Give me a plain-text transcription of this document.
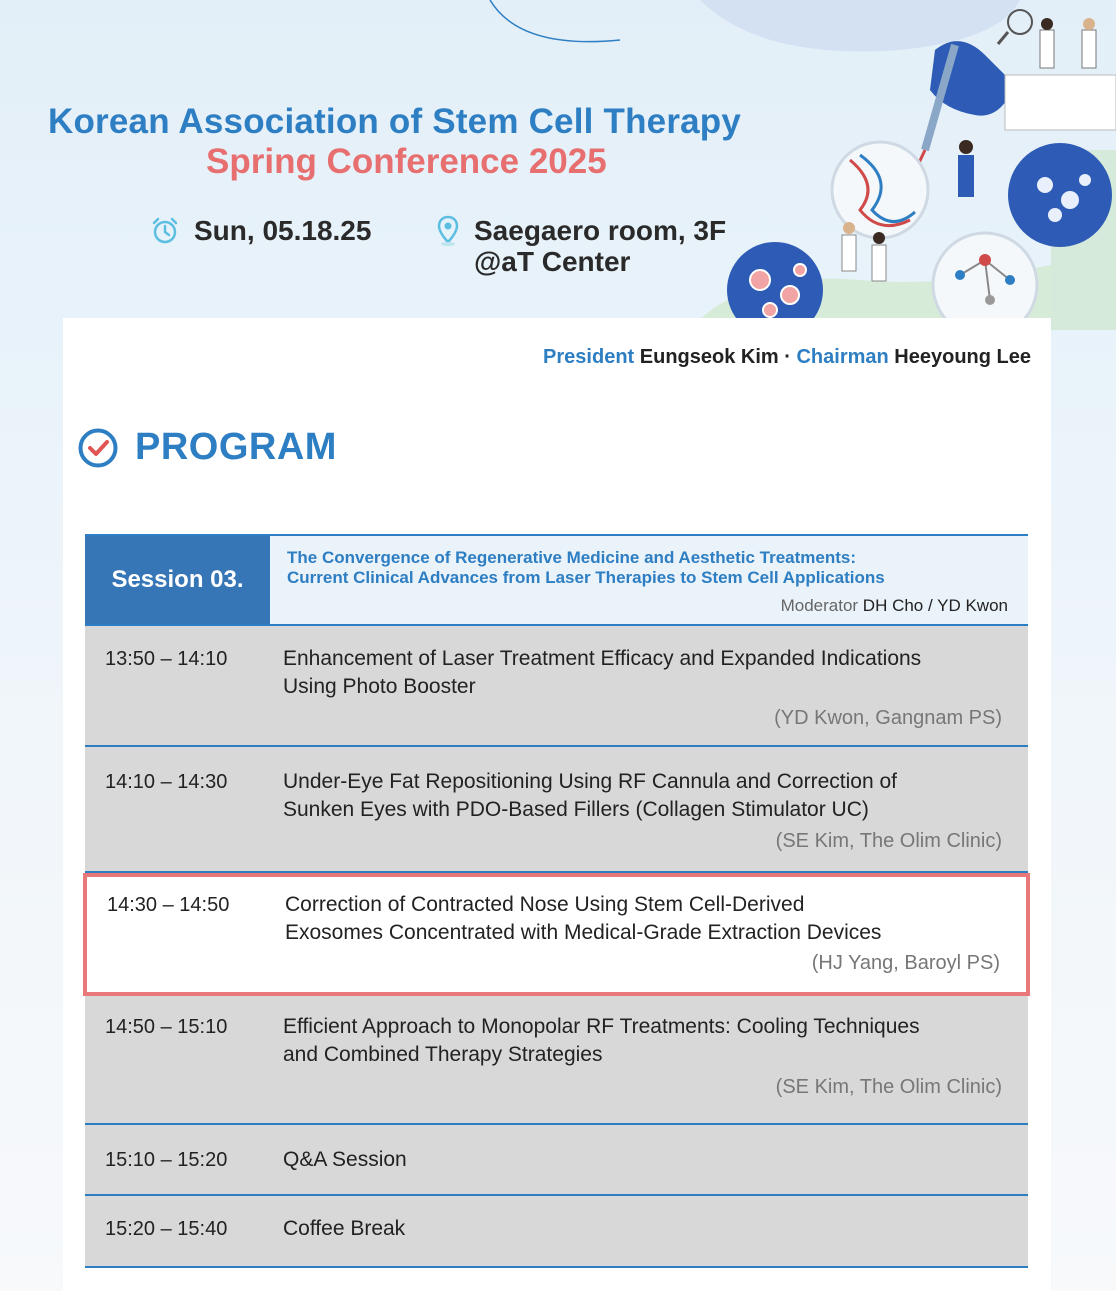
Korean Association of Stem Cell Therapy
Spring Conference 2025
Sun, 05.18.25	Saegaero room, 3F
@aT Center
President Eungseok Kim · Chairman Heeyoung Lee
PROGRAM
Session 03.
The Convergence of Regenerative Medicine and Aesthetic Treatments:
Current Clinical Advances from Laser Therapies to Stem Cell Applications
Moderator DH Cho / YD Kwon
13:50 – 14:10	Enhancement of Laser Treatment Efficacy and Expanded Indications
Using Photo Booster
(YD Kwon, Gangnam PS)
14:10 – 14:30	Under-Eye Fat Repositioning Using RF Cannula and Correction of
Sunken Eyes with PDO-Based Fillers (Collagen Stimulator UC)
(SE Kim, The Olim Clinic)
14:30 – 14:50	Correction of Contracted Nose Using Stem Cell-Derived
Exosomes Concentrated with Medical-Grade Extraction Devices
(HJ Yang, Baroyl PS)
14:50 – 15:10	Efficient Approach to Monopolar RF Treatments: Cooling Techniques
and Combined Therapy Strategies
(SE Kim, The Olim Clinic)
15:10 – 15:20	Q&A Session
15:20 – 15:40	Coffee Break
